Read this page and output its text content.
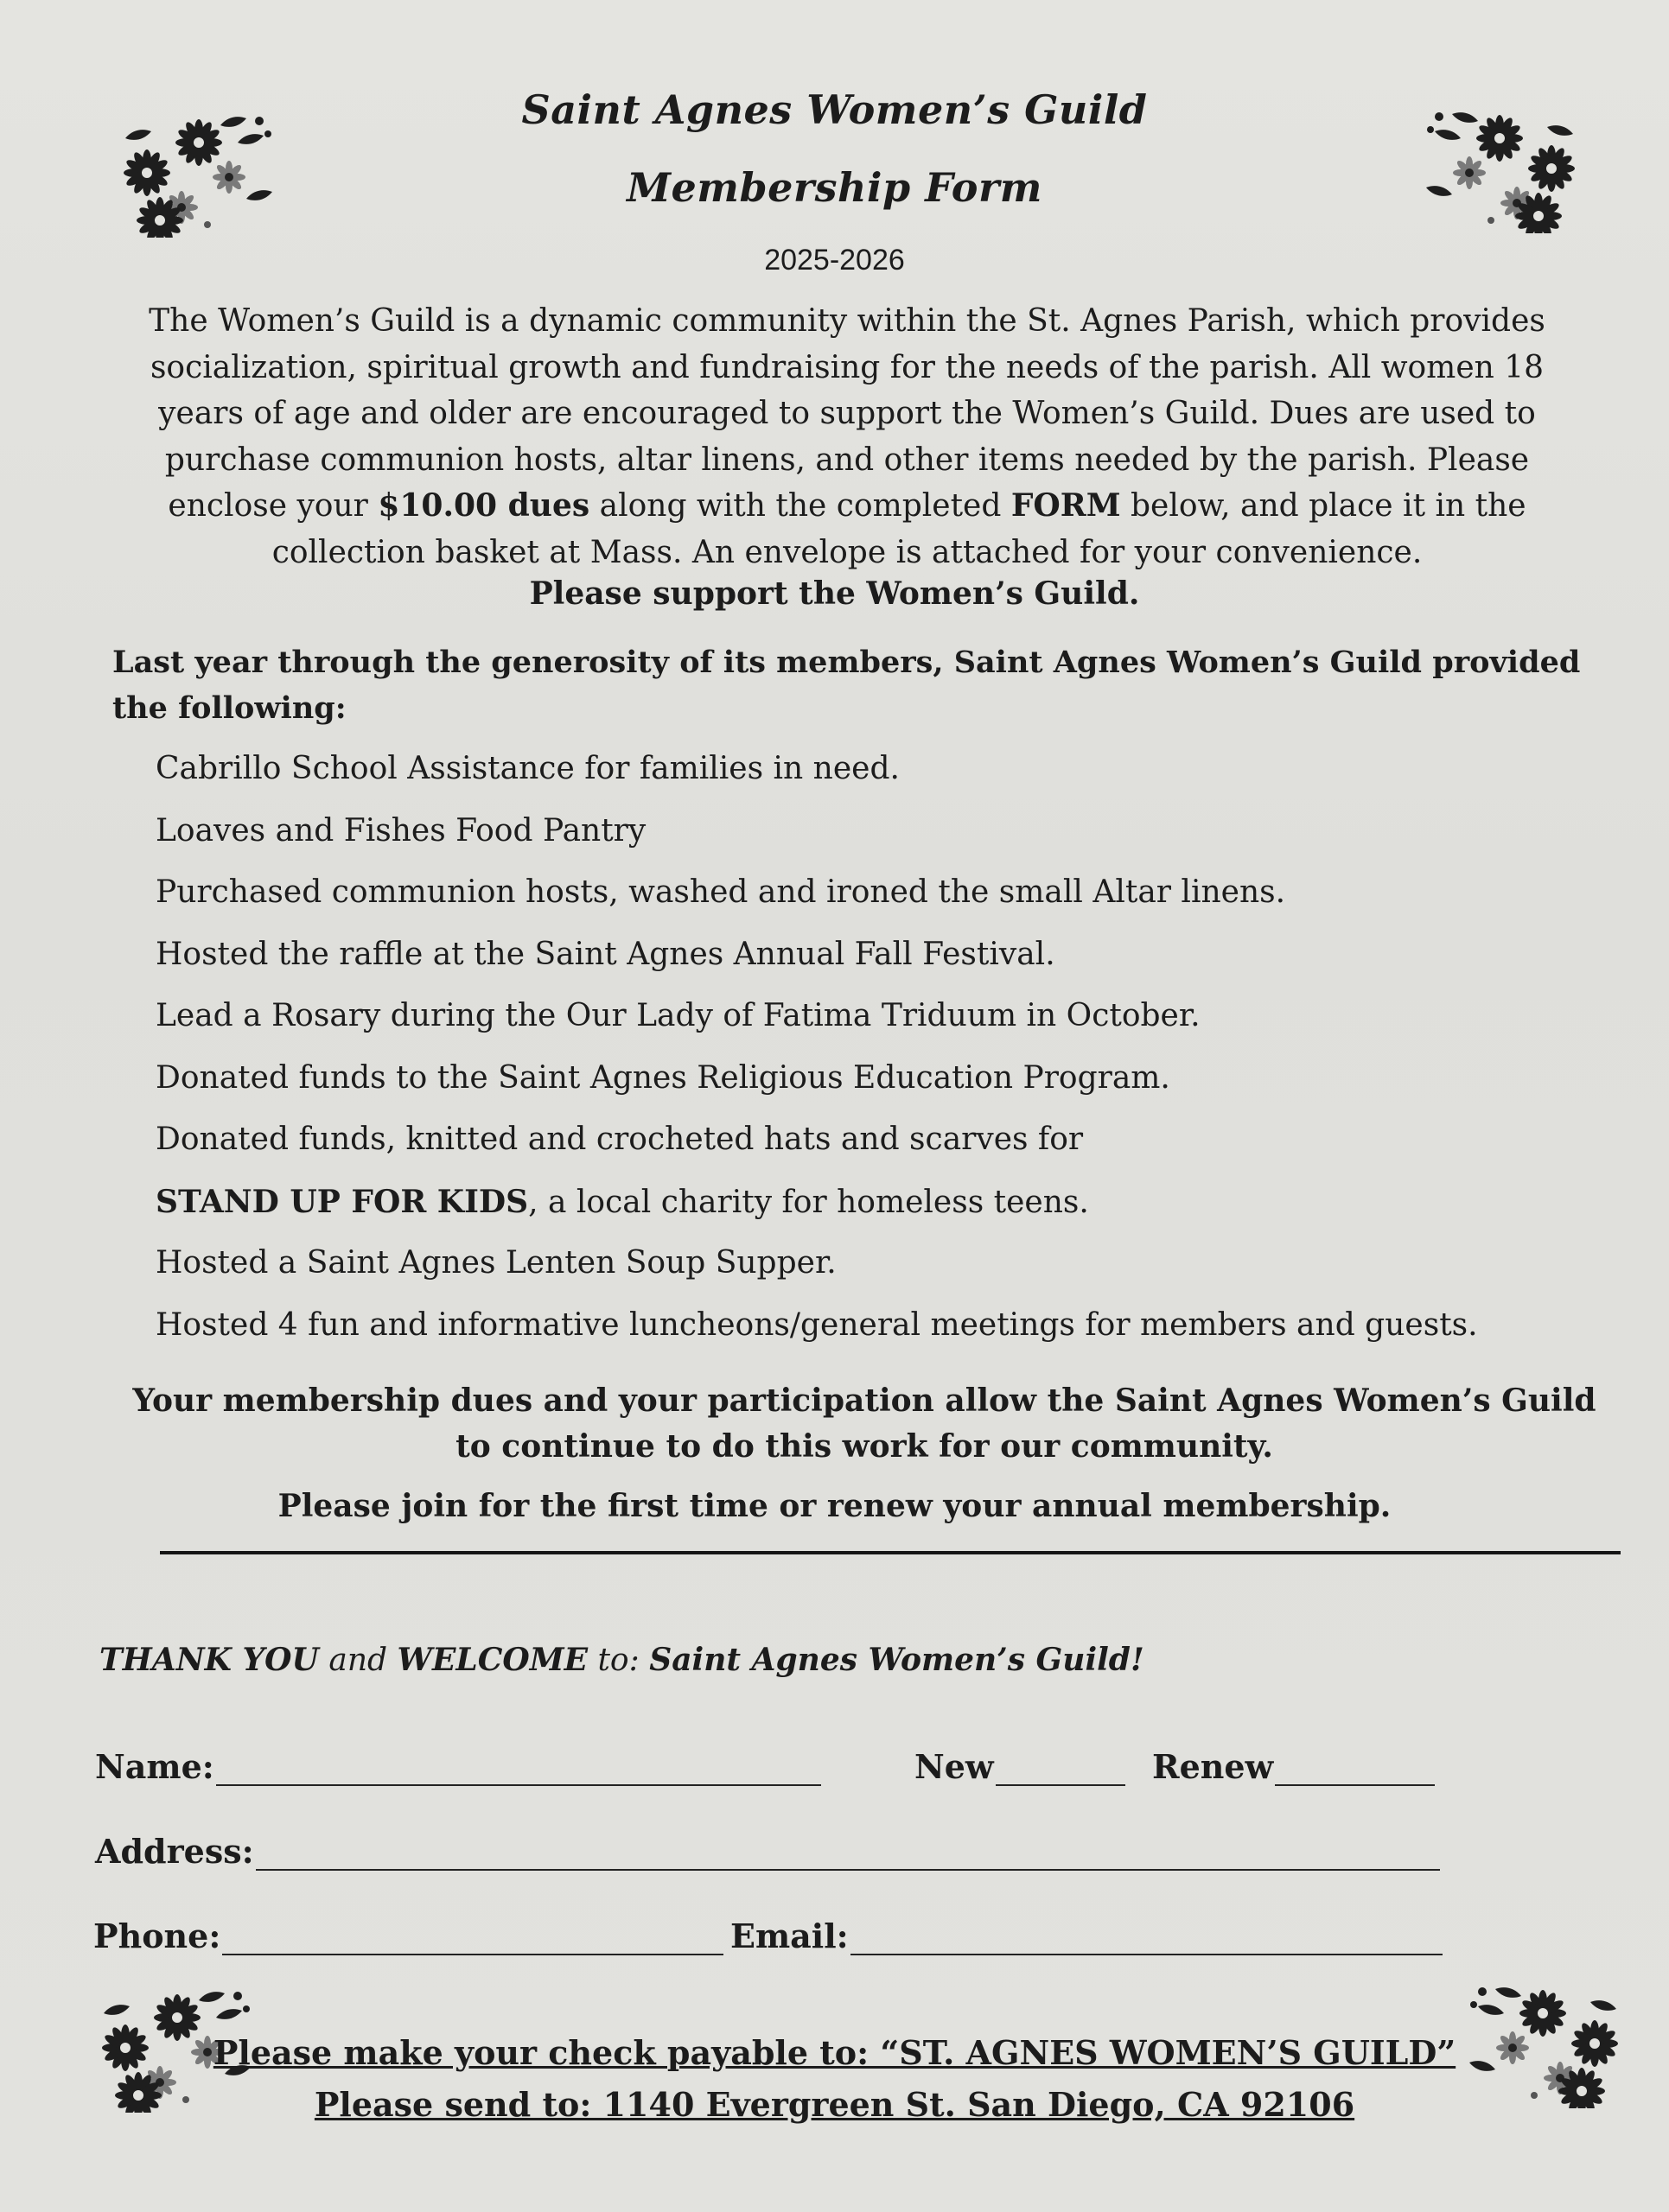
Saint Agnes Women’s Guild
Membership Form
2025-2026
The Women’s Guild is a dynamic community within the St. Agnes Parish, which provides socialization, spiritual growth and fundraising for the needs of the parish. All women 18 years of age and older are encouraged to support the Women’s Guild. Dues are used to purchase communion hosts, altar linens, and other items needed by the parish. Please enclose your $10.00 dues along with the completed FORM below, and place it in the collection basket at Mass. An envelope is attached for your convenience.
Please support the Women’s Guild.
Last year through the generosity of its members, Saint Agnes Women’s Guild provided the following:
Cabrillo School Assistance for families in need.
Loaves and Fishes Food Pantry
Purchased communion hosts, washed and ironed the small Altar linens.
Hosted the raffle at the Saint Agnes Annual Fall Festival.
Lead a Rosary during the Our Lady of Fatima Triduum in October.
Donated funds to the Saint Agnes Religious Education Program.
Donated funds, knitted and crocheted hats and scarves for
STAND UP FOR KIDS, a local charity for homeless teens.
Hosted a Saint Agnes Lenten Soup Supper.
Hosted 4 fun and informative luncheons/general meetings for members and guests.
Your membership dues and your participation allow the Saint Agnes Women’s Guild to continue to do this work for our community.
Please join for the first time or renew your annual membership.
THANK YOU and WELCOME to: Saint Agnes Women’s Guild!
Name:	New	Renew
Address:
Phone:	Email:
Please make your check payable to: “ST. AGNES WOMEN’S GUILD”
Please send to: 1140 Evergreen St. San Diego, CA 92106
